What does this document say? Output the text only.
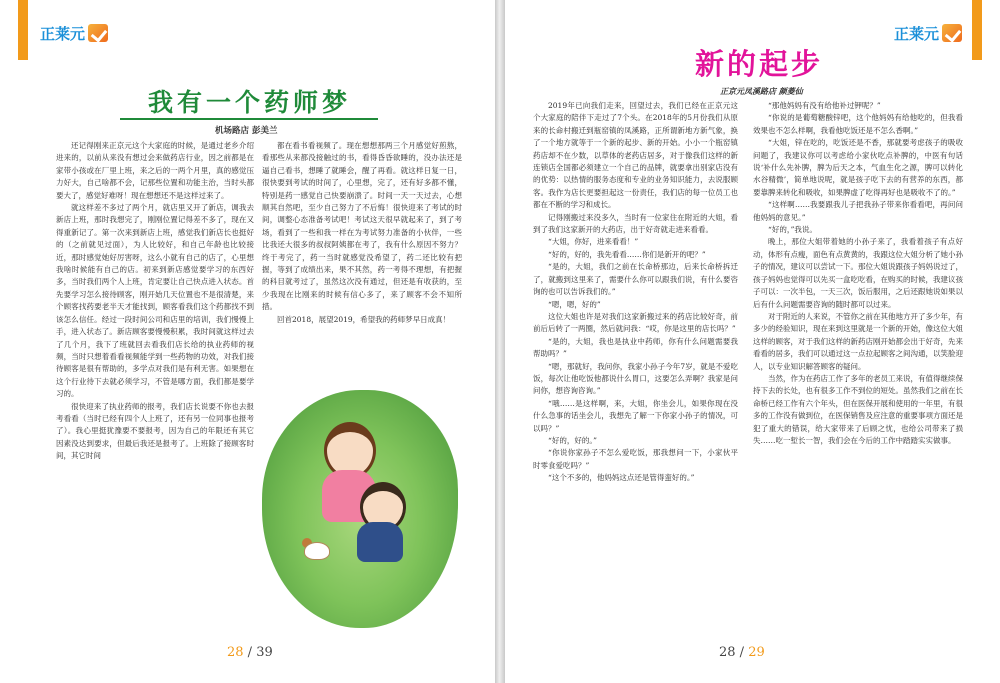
正莱元
我有一个药师梦
机场路店 彭美兰

还记得刚来正京元这个大家庭的时候，是通过老乡介绍进来的，以前从来没有想过会来做药店行业，因之前都是在家带小孩或在厂里上班，来之后的一两个月里，真的感觉压力好大，自己啥都不会，记那些位置和功能主治，当时头都要大了，感觉好难呀！现在想想还不是这样过来了。

就这样差不多过了两个月，就店里又开了新店，调我去新店上班，那时我想完了，刚刚位置记得差不多了，现在又得重新记了。第一次来到新店上班，感觉我们新店长也挺好的（之前就见过面），为人比较好，和自己年龄也比较接近，那时感觉她好厉害呀，这么小就有自己的店了，心里想我啥时候能有自己的店。初来到新店感觉要学习的东西好多，当时我们两个人上班，肯定要让自己快点进入状态。首先要学习怎么接待顾客，刚开始几天位置也不是很清楚，来个顾客找药要老半天才能找到，顾客看我们这个药都找不到该怎么信任。经过一段时间公司和店里的培训，我们慢慢上手，进入状态了。新店顾客要慢慢积累，我时间就这样过去了几个月，我下了班就回去看我们店长给的执业药师的视频，当时只想着看看视频能学到一些药物的功效，对我们接待顾客是很有帮助的，多学点对我们是有利无害。如果想在这个行业待下去就必须学习，不管是哪方面，我们都是要学习的。

很快迎来了执业药师的报考，我们店长说要不你也去报考看看（当时已经有四个人上班了，还有另一位同事也报考了）。我心里挺犹豫要不要报考，因为自己的年限还有其它因素没达到要求，但最后我还是报考了。上班除了接顾客时间，其它时间

都在看书看视频了。现在想想那两三个月感觉好煎熬，看那些从来都没接触过的书，看得昏昏欲睡的，没办法还是逼自己看书，想睡了就睡会，醒了再看。就这样日复一日，很快要到考试的时间了，心里想，完了，还有好多都不懂，特别是药一感觉自己快要崩溃了。时间一天一天过去，心想顺其自然吧，至少自己努力了不后悔！很快迎来了考试的时间，调整心态准备考试吧！考试这天很早就起来了，到了考场，看到了一些和我一样在为考试努力准备的小伙伴，一些比我还大很多的叔叔阿姨都在考了，我有什么原因不努力？终于考完了，药一当时就感觉没希望了，药二还比较有把握，等到了成绩出来，果不其然，药一考得不理想，有把握的科目就考过了，虽然这次没有通过，但还是有收获的，至少我现在比刚来的时候有信心多了，来了顾客不会不知所措。

回首2018，展望2019，希望我的药师梦早日成真！

28 / 39
正莱元
新的起步
正京元凤溪路店 颜菱仙

2019年已向我们走来，回望过去，我们已经在正京元这个大家庭的陪伴下走过了7个头。在2018年的5月份我们从原来的长命村搬迁到瓶窑镇的凤溪路，正所谓新地方新气象，换了一个地方就等于一个新的起步、新的开始。小小一个瓶窑镇药店却不在少数，以草体的老药店居多，对于像我们这样的新连锁店全国都必须建立一个自己的品牌，就要拿出别家店没有的优势：以热情的服务态度和专业的业务知识能力，去说服顾客。我作为店长更要担起这一份责任，我们店的每一位员工也都在不断的学习和成长。

记得刚搬过来没多久，当时有一位家住在附近的大姐，看到了我们这家新开的大药店，出于好奇就走进来看看。

“大姐，你好，进来看看！”

“好的，好的，我先看看……你们是新开的吧？”

“是的，大姐，我们之前在长命桥那边，后来长命桥拆迁了，就搬到这里来了，需要什么你可以跟我们说，有什么要咨询的也可以告诉我们的。”

“嗯，嗯，好的”

这位大姐也许是对我们这家新搬过来的药店比较好奇，前前后后转了一两圈，然后就问我：“哎，你是这里的店长吗？”

“是的，大姐，我也是执业中药师，你有什么问题需要我帮助吗？”

“嗯，那就好，我问你，我家小孙子今年7岁，就是不爱吃饭，每次让他吃饭他都说什么胃口，这要怎么弄啊？我家是问问你，想咨询咨询。”

“哦……是这样啊，来，大姐，你坐会儿，如果你现在没什么急事的话坐会儿，我想先了解一下你家小孙子的情况，可以吗？”

“好的，好的。”

“你说你家孙子不怎么爱吃饭，那我想问一下，小家伙平时零食爱吃吗？”

“这个不多的，他妈妈这点还是管得蛮好的。”

“那他妈妈有没有给他补过钾呢？”

“你说的是葡萄糖酸锌吧，这个他妈妈有给他吃的，但我看效果也不怎么样啊，我看他吃饭还是不怎么香啊。”

“大姐，锌在吃的，吃饭还是不香，那就要考虑孩子的吸收问题了，我建议你可以考虑给小家伙吃点补脾的，中医有句话说‘补什么先补脾，脾为后天之本，气血生化之源，脾可以转化水谷精微’，简单地说呢，就是孩子吃下去的有营养的东西，都要靠脾来转化和吸收，如果脾虚了吃得再好也是吸收不了的。”

“这样啊……我要跟我儿子把我孙子带来你看看吧，再问问他妈妈的意见。”

“好的，”我说。

晚上，那位大姐带着她的小孙子来了，我看着孩子有点好动，体形有点瘦，面色有点黄黄的，我跟这位大姐分析了她小孙子的情况，建议可以尝试一下。那位大姐说跟孩子妈妈说过了，孩子妈妈也觉得可以先买一盒吃吃看，在购买的时候，我建议孩子可以：一次半包，一天三次，饭后服用，之后还跟她说如果以后有什么问题需要咨询的随时都可以过来。

对于附近的人来说，不管你之前在其他地方开了多少年，有多少的经验知识，现在来到这里就是一个新的开始，像这位大姐这样的顾客，对于我们这样的新药店刚开始都会出于好奇，先来看看的居多，我们可以通过这一点拉起顾客之间沟通，以笑脸迎人，以专业知识解答顾客的疑问。

当然，作为在药店工作了多年的老员工来说，有值得继续保持下去的长处，也有很多工作不到位的短处。虽然我们之前在长命桥已经工作有六个年头，但在医保开展和使用的一年里，有很多的工作没有做到位，在医保销售及应注意的重要事项方面还是犯了重大的错误，给大家带来了后顾之忧，也给公司带来了损失……吃一堑长一智，我们会在今后的工作中踏踏实实做事。

28 / 29
